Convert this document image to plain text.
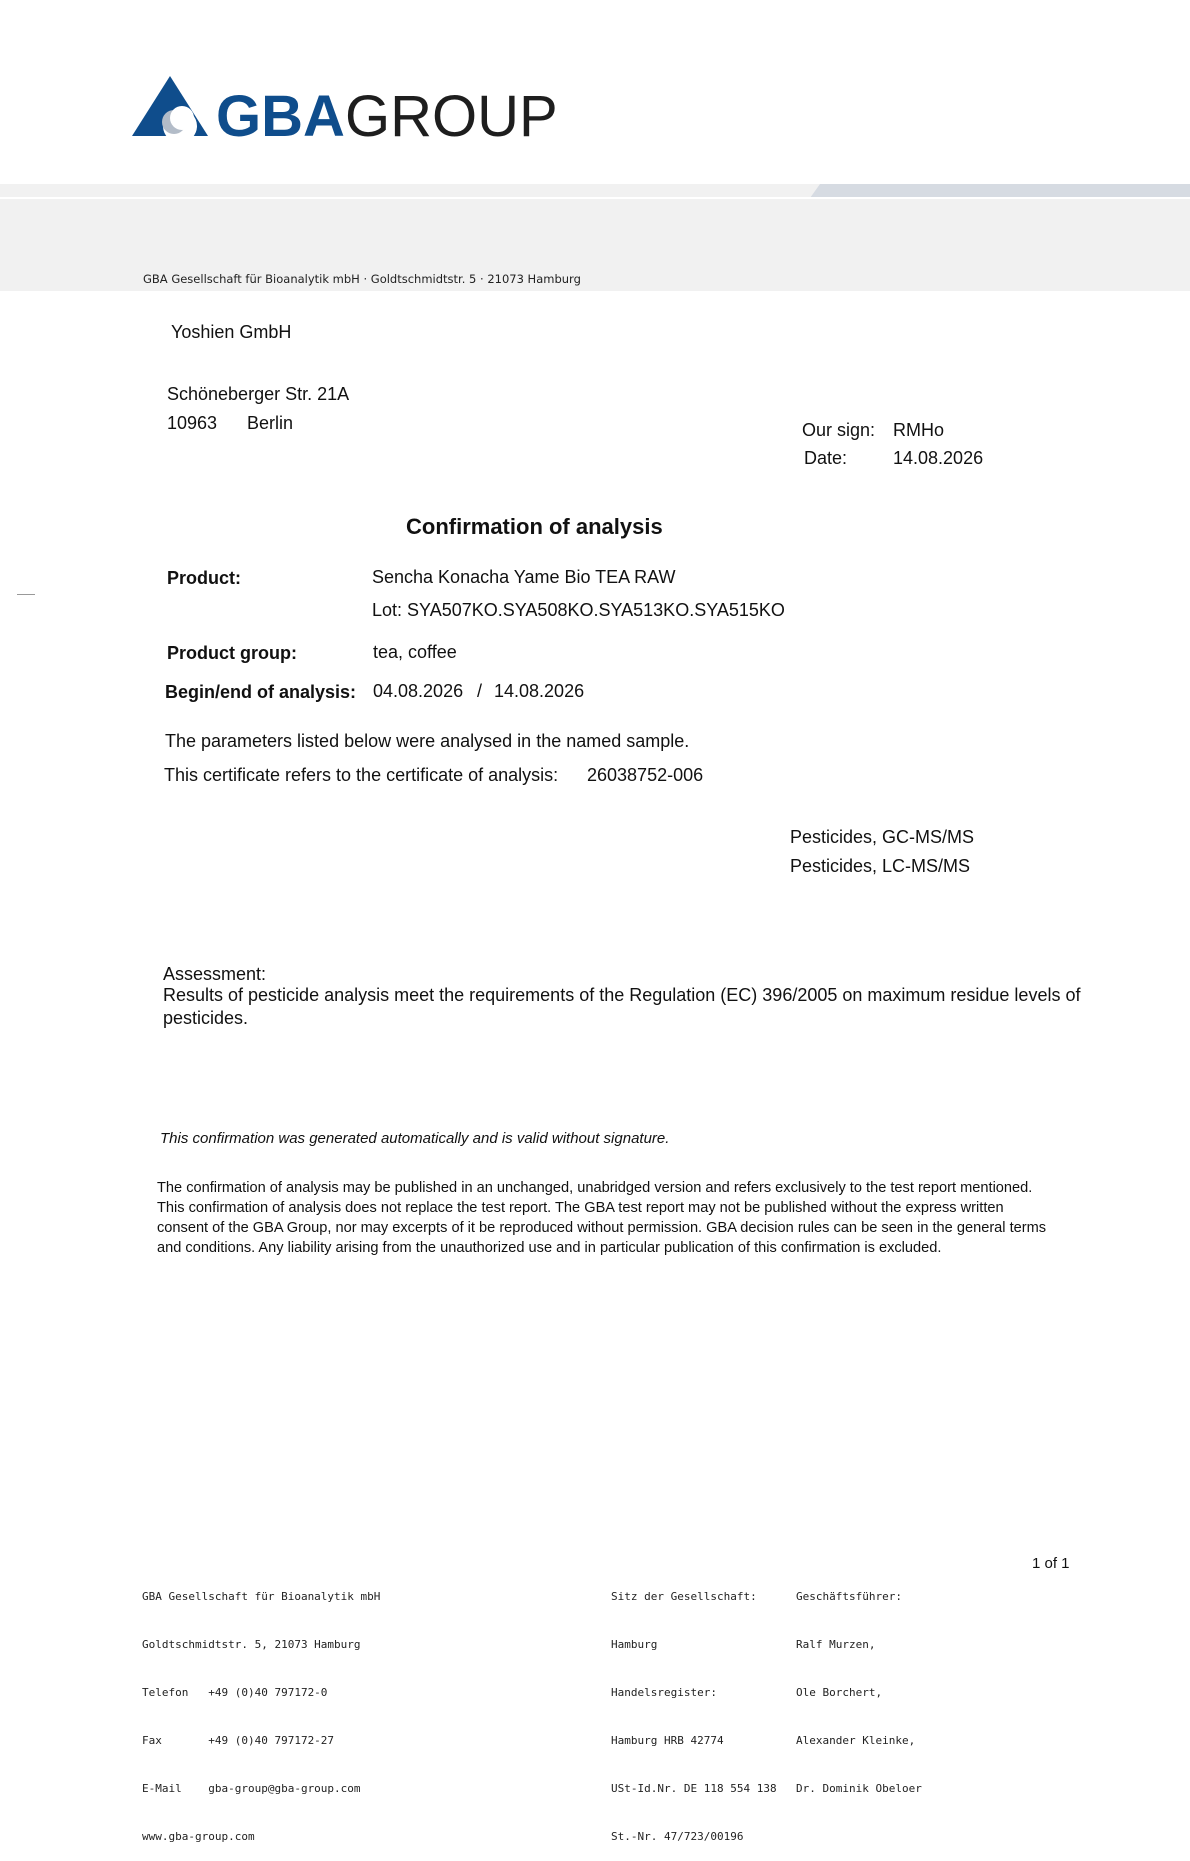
GBA GROUP
GBA Gesellschaft für Bioanalytik mbH · Goldtschmidtstr. 5 · 21073 Hamburg
Yoshien GmbH
Schöneberger Str. 21A
10963 Berlin	Our sign: RMHo
Date:	14.08.2026
Confirmation of analysis
Product:	Sencha Konacha Yame Bio TEA RAW
Lot: SYA507KO.SYA508KO.SYA513KO.SYA515KO
Product group:	tea, coffee
Begin/end of analysis: 04.08.2026 / 14.08.2026
The parameters listed below were analysed in the named sample.
This certificate refers to the certificate of analysis: 26038752-006
Pesticides, GC-MS/MS
Pesticides, LC-MS/MS
Assessment:
Results of pesticide analysis meet the requirements of the Regulation (EC) 396/2005 on maximum residue levels of pesticides.
This confirmation was generated automatically and is valid without signature.
The confirmation of analysis may be published in an unchanged, unabridged version and refers exclusively to the test report mentioned. This confirmation of analysis does not replace the test report. The GBA test report may not be published without the express written consent of the GBA Group, nor may excerpts of it be reproduced without permission. GBA decision rules can be seen in the general terms and conditions. Any liability arising from the unauthorized use and in particular publication of this confirmation is excluded.

GBA Gesellschaft für Bioanalytik mbH

Goldtschmidtstr. 5, 21073 Hamburg

Telefon   +49 (0)40 797172-0

Fax       +49 (0)40 797172-27

E-Mail    gba-group@gba-group.com

www.gba-group.com

Sitz der Gesellschaft:

Hamburg

Handelsregister:

Hamburg HRB 42774

USt-Id.Nr. DE 118 554 138

St.-Nr. 47/723/00196

Geschäftsführer:

Ralf Murzen,

Ole Borchert,

Alexander Kleinke,

Dr. Dominik Obeloer

1 of 1
